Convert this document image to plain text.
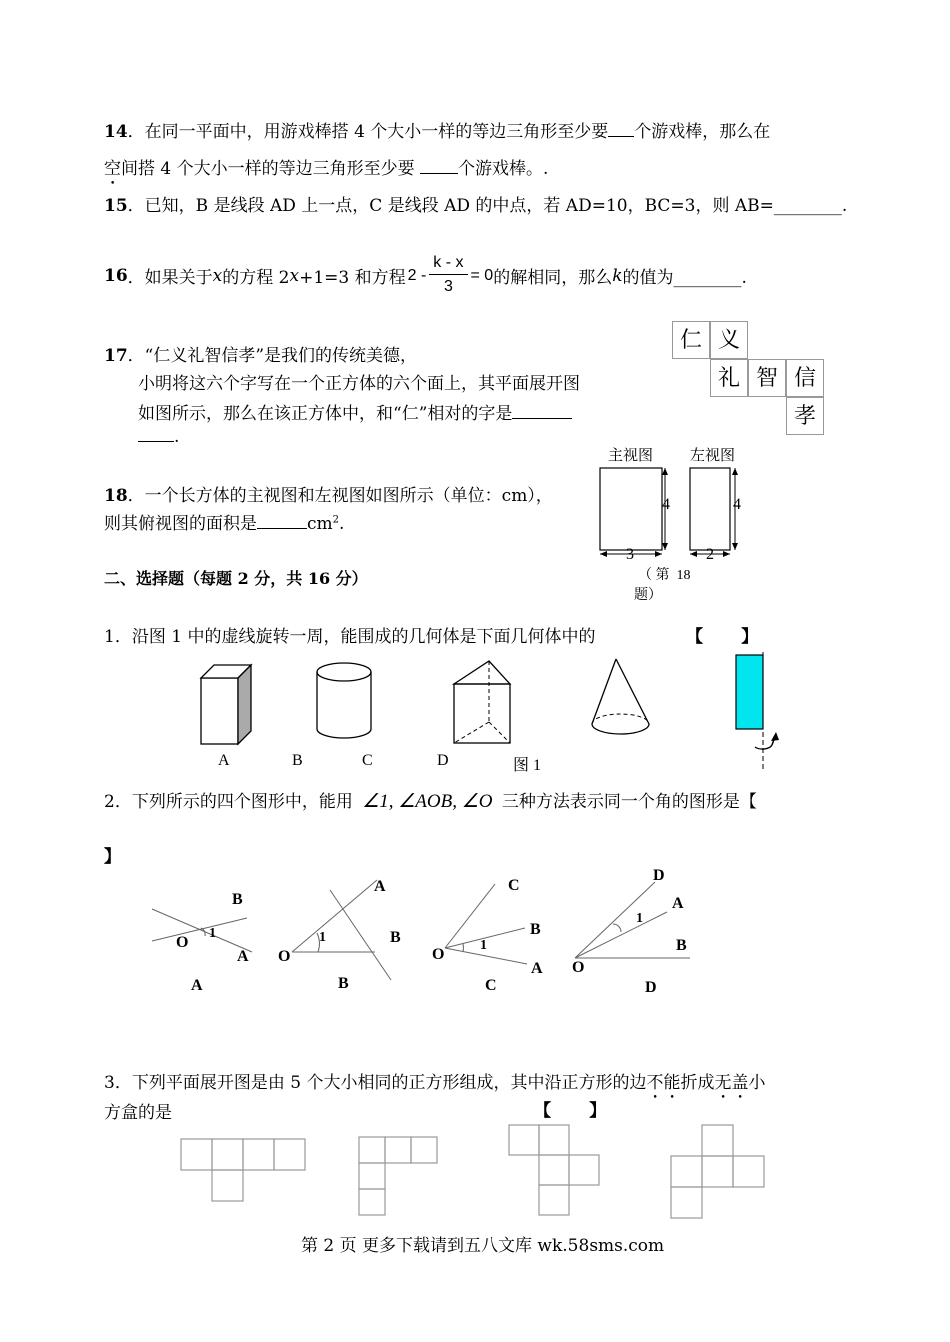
14．在同一平面中，用游戏棒搭 4 个大小一样的等边三角形至少要 个游戏棒，那么在
空间搭 4 个大小一样的等边三角形至少要 个游戏棒。.
15．已知，B 是线段 AD 上一点，C 是线段 AD 的中点，若 AD=10，BC=3，则 AB=________.
16 ．如果关于 x 的方程 2 x +1=3 和方程 $2 - \frac{k - x}{3} = 0$ 的解相同，那么 k 的值为________.
17．“仁义礼智信孝”是我们的传统美德，
小明将这六个字写在一个正方体的六个面上，其平面展开图
如图所示，那么在该正方体中，和“仁”相对的字是
.
仁 义
礼 智 信
孝
18．一个长方体的主视图和左视图如图所示（单位：cm），
则其俯视图的面积是	$cm^2$.
主视图 左视图
4
3
4
2
（ 第  18
题）
二、选择题（每题 2 分，共 16 分）
1．沿图 1 中的虚线旋转一周，能围成的几何体是下面几何体中的	【         】
A	B	C	D	图 1
2．下列所示的四个图形中，能用 ∠1, ∠AOB, ∠O 三种方法表示同一个角的图形是【
】
B
O
1
A
A
A
O
1	B
B
C
B
O
1
A
C
D
A
1
B
O
D
3．下列平面展开图是由 5 个大小相同的正方形组成，其中沿正方形的边不能折成无盖小
方盒的是	【         】
第 2 页 更多下载请到五八文库 wk.58sms.com
